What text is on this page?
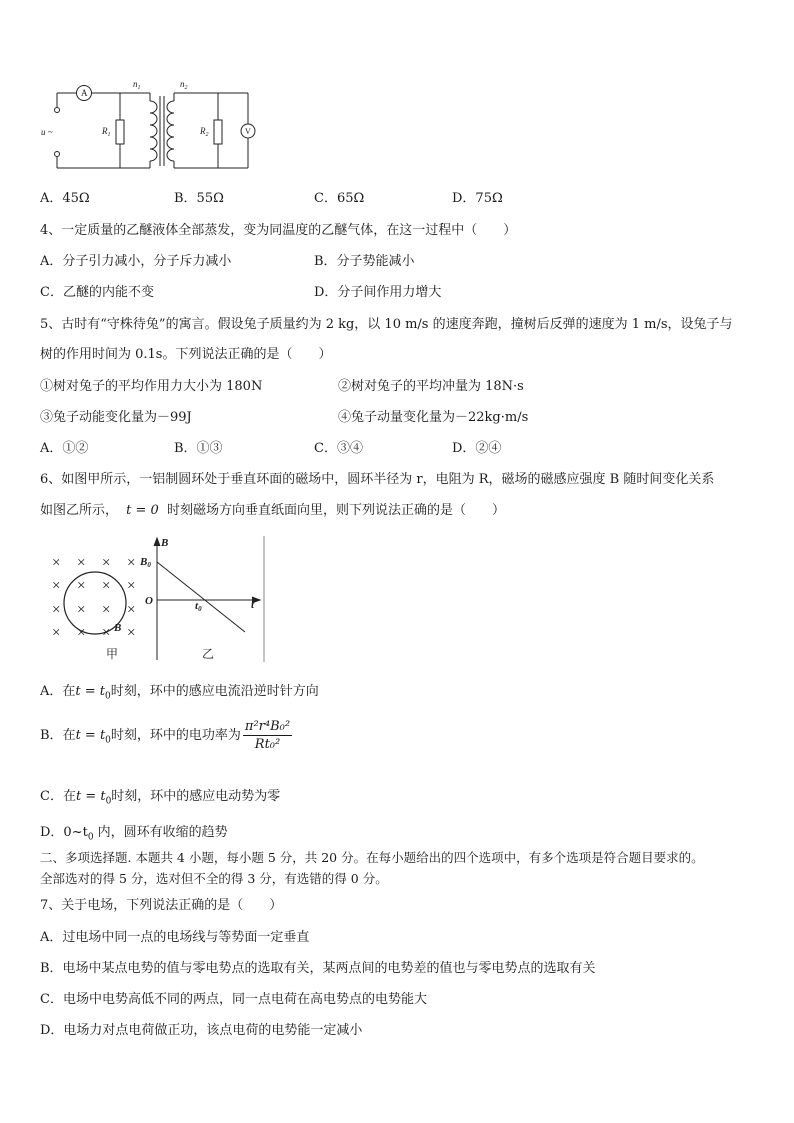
A
V
$n_1$	$n_2$
$R_1$	$R_2$
u ~
A．45Ω	B．55Ω	C．65Ω	D．75Ω
4、一定质量的乙醚液体全部蒸发，变为同温度的乙醚气体，在这一过程中（　　）
A．分子引力减小，分子斥力减小	B．分子势能减小
C．乙醚的内能不变	D．分子间作用力增大
5、古时有“守株待兔”的寓言。假设兔子质量约为 2 kg，以 10 m/s 的速度奔跑，撞树后反弹的速度为 1 m/s，设兔子与
树的作用时间为 0.1s。下列说法正确的是（　　）
①树对兔子的平均作用力大小为 180N	②树对兔子的平均冲量为 18N·s
③兔子动能变化量为－99J	④兔子动量变化量为－22kg·m/s
A．①②	B．①③	C．③④	D．②④
6、如图甲所示，一铝制圆环处于垂直环面的磁场中，圆环半径为 r，电阻为 R，磁场的磁感应强度 B 随时间变化关系
如图乙所示， t = 0 时刻磁场方向垂直纸面向里，则下列说法正确的是（　　）
× × × ×
× × × ×
× × × ×
× × × ×
B
甲
B
B0
O	t0	t
乙
A．在$t = t_0$时刻，环中的感应电流沿逆时针方向
B．在$t = t_0$时刻，环中的电功率为 $\frac{\text{π²r⁴B₀²}}{\text{Rt₀²}}$
C．在$t = t_0$时刻，环中的感应电动势为零
D．$0\sim t_0$ 内，圆环有收缩的趋势
二、多项选择题. 本题共 4 小题，每小题 5 分，共 20 分。在每小题给出的四个选项中，有多个选项是符合题目要求的。
全部选对的得 5 分，选对但不全的得 3 分，有选错的得 0 分。
7、关于电场，下列说法正确的是（　　）
A．过电场中同一点的电场线与等势面一定垂直
B．电场中某点电势的值与零电势点的选取有关，某两点间的电势差的值也与零电势点的选取有关
C．电场中电势高低不同的两点，同一点电荷在高电势点的电势能大
D．电场力对点电荷做正功，该点电荷的电势能一定减小
